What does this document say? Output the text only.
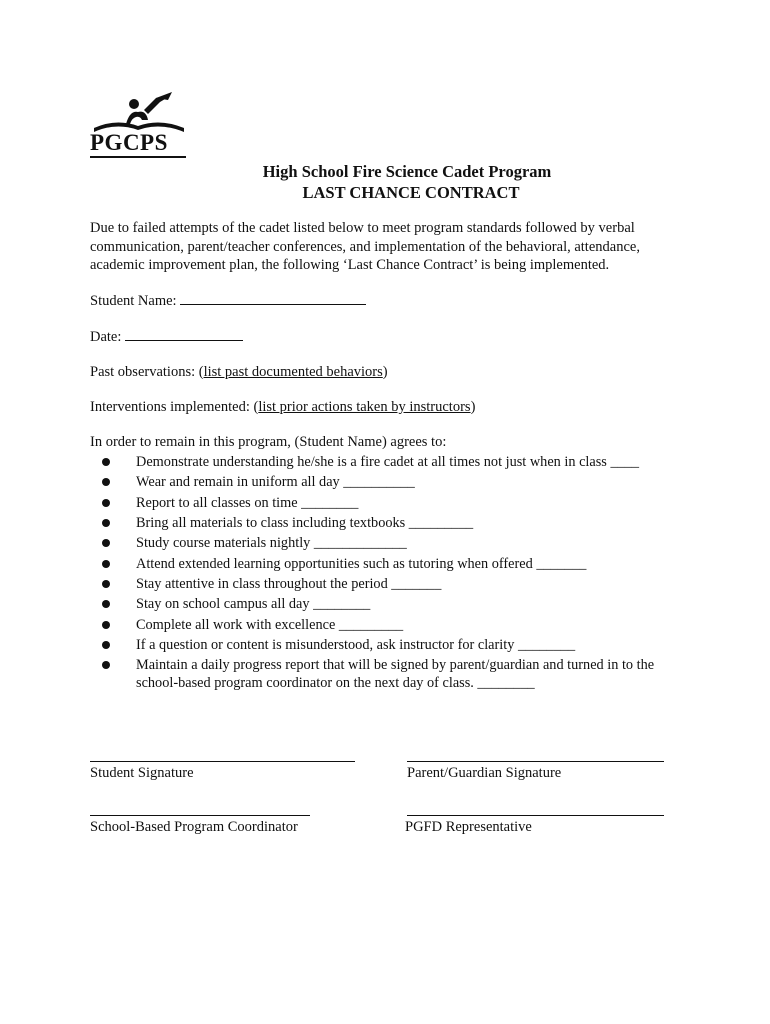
PGCPS
High School Fire Science Cadet Program
LAST CHANCE CONTRACT
Due to failed attempts of the cadet listed below to meet program standards followed by verbal communication, parent/teacher conferences, and implementation of the behavioral, attendance, academic improvement plan, the following ‘Last Chance Contract’ is being implemented.
Student Name:
Date:
Past observations: (list past documented behaviors)
Interventions implemented: (list prior actions taken by instructors)
In order to remain in this program, (Student Name) agrees to:
Demonstrate understanding he/she is a fire cadet at all times not just when in class ____
Wear and remain in uniform all day __________
Report to all classes on time ________
Bring all materials to class including textbooks _________
Study course materials nightly _____________
Attend extended learning opportunities such as tutoring when offered _______
Stay attentive in class throughout the period _______
Stay on school campus all day ________
Complete all work with excellence _________
If a question or content is misunderstood, ask instructor for clarity ________
Maintain a daily progress report that will be signed by parent/guardian and turned in to the school-based program coordinator on the next day of class. ________
Student Signature	Parent/Guardian Signature
School-Based Program Coordinator	PGFD Representative
